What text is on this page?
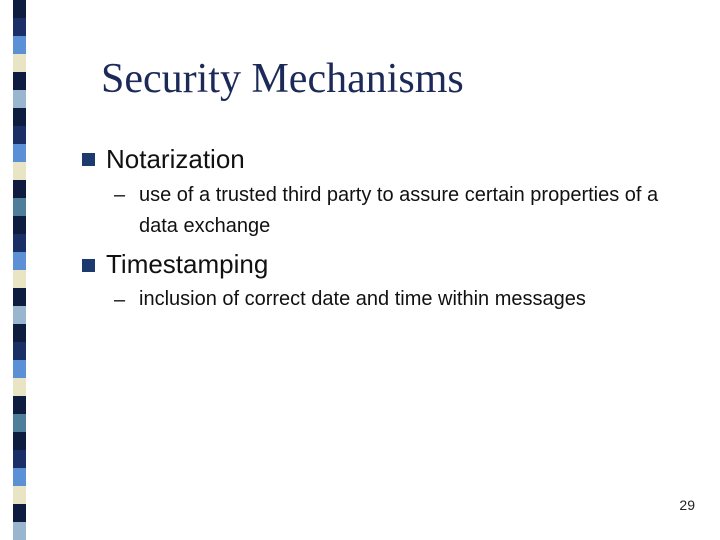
Security Mechanisms
Notarization
– use of a trusted third party to assure certain properties of a data exchange
Timestamping
– inclusion of correct date and time within messages
29
